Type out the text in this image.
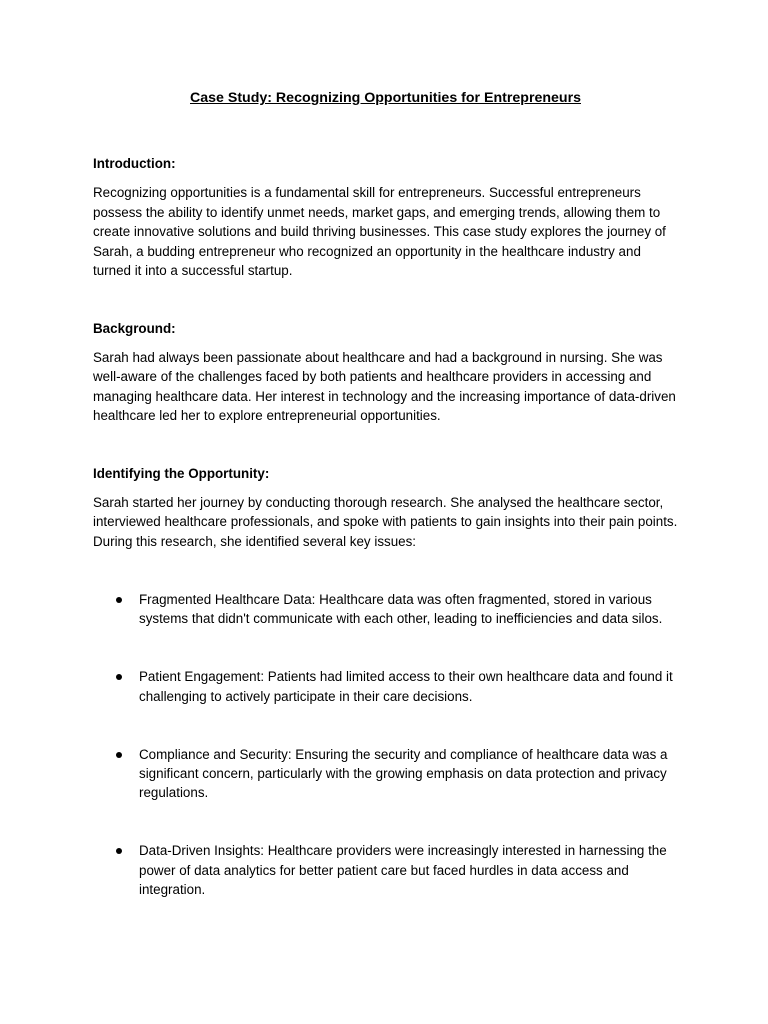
Case Study: Recognizing Opportunities for Entrepreneurs
Introduction:

Recognizing opportunities is a fundamental skill for entrepreneurs. Successful entrepreneurs possess the ability to identify unmet needs, market gaps, and emerging trends, allowing them to create innovative solutions and build thriving businesses. This case study explores the journey of Sarah, a budding entrepreneur who recognized an opportunity in the healthcare industry and turned it into a successful startup.

Background:

Sarah had always been passionate about healthcare and had a background in nursing. She was well-aware of the challenges faced by both patients and healthcare providers in accessing and managing healthcare data. Her interest in technology and the increasing importance of data-driven healthcare led her to explore entrepreneurial opportunities.

Identifying the Opportunity:

Sarah started her journey by conducting thorough research. She analysed the healthcare sector, interviewed healthcare professionals, and spoke with patients to gain insights into their pain points. During this research, she identified several key issues:

Fragmented Healthcare Data: Healthcare data was often fragmented, stored in various systems that didn't communicate with each other, leading to inefficiencies and data silos.
Patient Engagement: Patients had limited access to their own healthcare data and found it challenging to actively participate in their care decisions.
Compliance and Security: Ensuring the security and compliance of healthcare data was a significant concern, particularly with the growing emphasis on data protection and privacy regulations.
Data-Driven Insights: Healthcare providers were increasingly interested in harnessing the power of data analytics for better patient care but faced hurdles in data access and integration.
